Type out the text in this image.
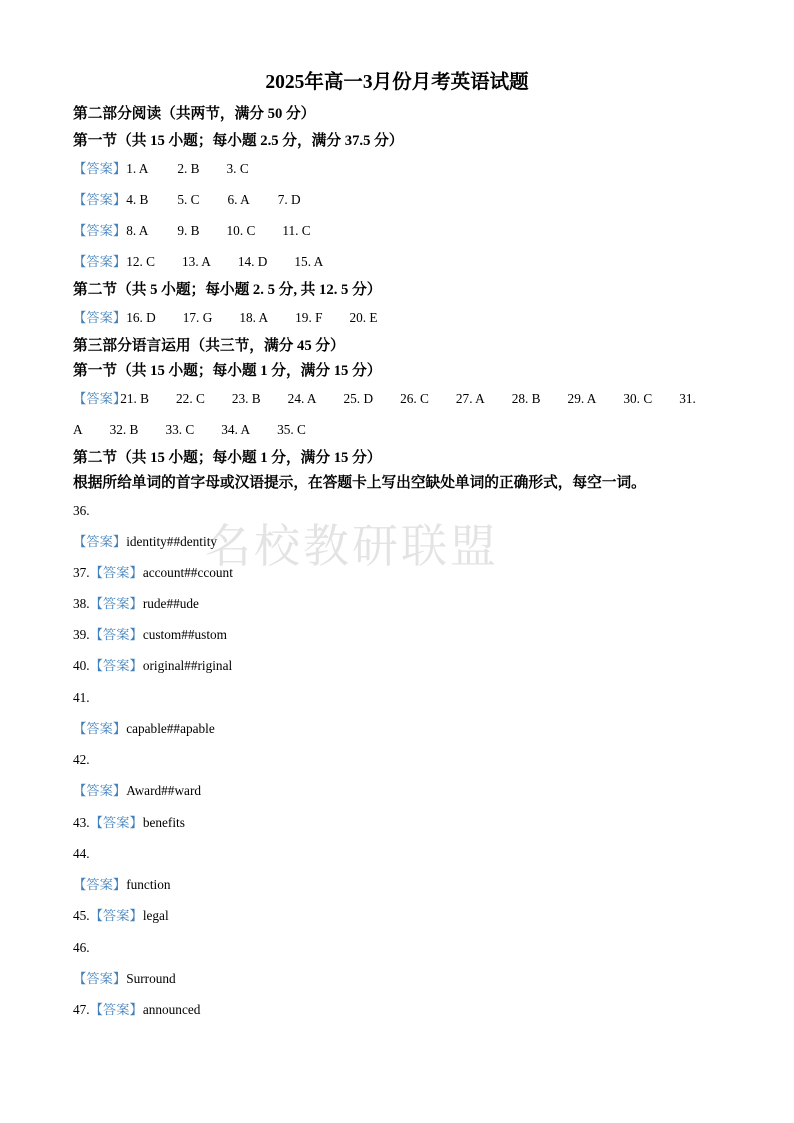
名校教研联盟
2025年高一3月份月考英语试题
第二部分阅读（共两节，满分 50 分）
第一节（共 15 小题；每小题 2.5 分，满分 37.5 分）
【答案】1. A 2. B 3. C
【答案】4. B 5. C 6. A 7. D
【答案】8. A 9. B 10. C 11. C
【答案】12. C 13. A 14. D 15. A
第二节（共 5 小题；每小题 2. 5 分, 共 12. 5 分）
【答案】16. D 17. G 18. A 19. F 20. E
第三部分语言运用（共三节，满分 45 分）
第一节（共 15 小题；每小题 1 分，满分 15 分）
【答案】21. B 22. C 23. B 24. A 25. D 26. C 27. A 28. B 29. A 30. C 31.
A 32. B 33. C 34. A 35. C
第二节（共 15 小题；每小题 1 分，满分 15 分）
根据所给单词的首字母或汉语提示，在答题卡上写出空缺处单词的正确形式，每空一词。
36.
【答案】identity##dentity
37.【答案】account##ccount
38.【答案】rude##ude
39.【答案】custom##ustom
40.【答案】original##riginal
41.
【答案】capable##apable
42.
【答案】Award##ward
43.【答案】benefits
44.
【答案】function
45.【答案】legal
46.
【答案】Surround
47.【答案】announced
